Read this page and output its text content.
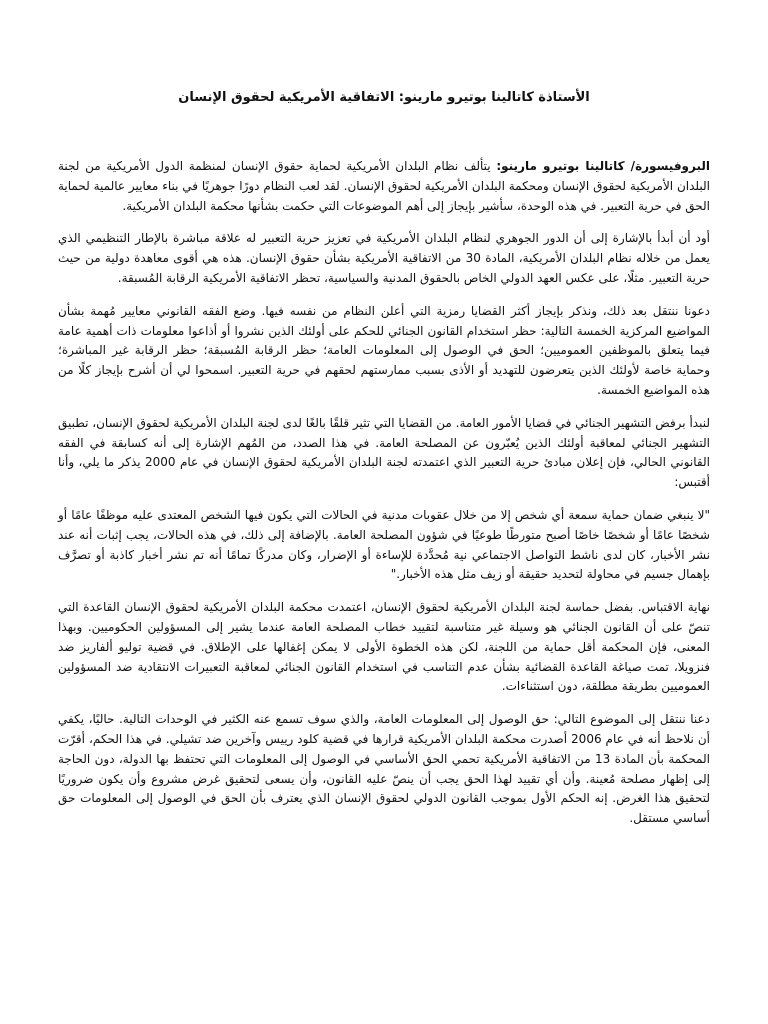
الأستاذة كاتالينا بوتيرو مارينو: الاتفاقية الأمريكية لحقوق الإنسان

البروفيسورة/ كاتالينا بوتيرو مارينو: يتألف نظام البلدان الأمريكية لحماية حقوق الإنسان لمنظمة الدول الأمريكية من لجنة البلدان الأمريكية لحقوق الإنسان ومحكمة البلدان الأمريكية لحقوق الإنسان. لقد لعب النظام دورًا جوهريًا في بناء معايير عالمية لحماية الحق في حرية التعبير. في هذه الوحدة، سأشير بإيجاز إلى أهم الموضوعات التي حكمت بشأنها محكمة البلدان الأمريكية.

أود أن أبدأ بالإشارة إلى أن الدور الجوهري لنظام البلدان الأمريكية في تعزيز حرية التعبير له علاقة مباشرة بالإطار التنظيمي الذي يعمل من خلاله نظام البلدان الأمريكية، المادة 30 من الاتفاقية الأمريكية بشأن حقوق الإنسان. هذه هي أقوى معاهدة دولية من حيث حرية التعبير. مثلًا، على عكس العهد الدولي الخاص بالحقوق المدنية والسياسية، تحظر الاتفاقية الأمريكية الرقابة المُسبقة.

دعونا ننتقل بعد ذلك، ونذكر بإيجاز أكثر القضايا رمزية التي أعلن النظام من نفسه فيها. وضع الفقه القانوني معايير مُهمة بشأن المواضيع المركزية الخمسة التالية: حظر استخدام القانون الجنائي للحكم على أولئك الذين نشروا أو أذاعوا معلومات ذات أهمية عامة فيما يتعلق بالموظفين العموميين؛ الحق في الوصول إلى المعلومات العامة؛ حظر الرقابة المُسبقة؛ حظر الرقابة غير المباشرة؛ وحماية خاصة لأولئك الذين يتعرضون للتهديد أو الأذى بسبب ممارستهم لحقهم في حرية التعبير. اسمحوا لي أن أشرح بإيجاز كلًا من هذه المواضيع الخمسة.

لنبدأ برفض التشهير الجنائي في قضايا الأمور العامة. من القضايا التي تثير قلقًا بالغًا لدى لجنة البلدان الأمريكية لحقوق الإنسان، تطبيق التشهير الجنائي لمعاقبة أولئك الذين يُعبّرون عن المصلحة العامة. في هذا الصدد، من المُهم الإشارة إلى أنه كسابقة في الفقه القانوني الحالي، فإن إعلان مبادئ حرية التعبير الذي اعتمدته لجنة البلدان الأمريكية لحقوق الإنسان في عام 2000 يذكر ما يلي، وأنا أقتبس:

"لا ينبغي ضمان حماية سمعة أي شخص إلا من خلال عقوبات مدنية في الحالات التي يكون فيها الشخص المعتدى عليه موظفًا عامًا أو شخصًا عامًا أو شخصًا خاصًا أصبح متورطًا طوعيًا في شؤون المصلحة العامة. بالإضافة إلى ذلك، في هذه الحالات، يجب إثبات أنه عند نشر الأخبار، كان لدى ناشط التواصل الاجتماعي نية مُحدَّدة للإساءة أو الإضرار، وكان مدركًا تمامًا أنه تم نشر أخبار كاذبة أو تصرَّف بإهمال جسيم في محاولة لتحديد حقيقة أو زيف مثل هذه الأخبار."

نهاية الاقتباس. بفضل حماسة لجنة البلدان الأمريكية لحقوق الإنسان، اعتمدت محكمة البلدان الأمريكية لحقوق الإنسان القاعدة التي تنصّ على أن القانون الجنائي هو وسيلة غير متناسبة لتقييد خطاب المصلحة العامة عندما يشير إلى المسؤولين الحكوميين. وبهذا المعنى، فإن المحكمة أقل حماية من اللجنة، لكن هذه الخطوة الأولى لا يمكن إغفالها على الإطلاق. في قضية توليو ألفاريز ضد فنزويلا، تمت صياغة القاعدة القضائية بشأن عدم التناسب في استخدام القانون الجنائي لمعاقبة التعبيرات الانتقادية ضد المسؤولين العموميين بطريقة مطلقة، دون استثناءات.

دعنا ننتقل إلى الموضوع التالي: حق الوصول إلى المعلومات العامة، والذي سوف تسمع عنه الكثير في الوحدات التالية. حاليًا، يكفي أن نلاحظ أنه في عام 2006 أصدرت محكمة البلدان الأمريكية قرارها في قضية كلود رييس وآخرين ضد تشيلي. في هذا الحكم، أقرّت المحكمة بأن المادة 13 من الاتفاقية الأمريكية تحمي الحق الأساسي في الوصول إلى المعلومات التي تحتفظ بها الدولة، دون الحاجة إلى إظهار مصلحة مُعينة. وأن أي تقييد لهذا الحق يجب أن ينصّ عليه القانون، وأن يسعى لتحقيق غرض مشروع وأن يكون ضروريًا لتحقيق هذا الغرض. إنه الحكم الأول بموجب القانون الدولي لحقوق الإنسان الذي يعترف بأن الحق في الوصول إلى المعلومات حق أساسي مستقل.
